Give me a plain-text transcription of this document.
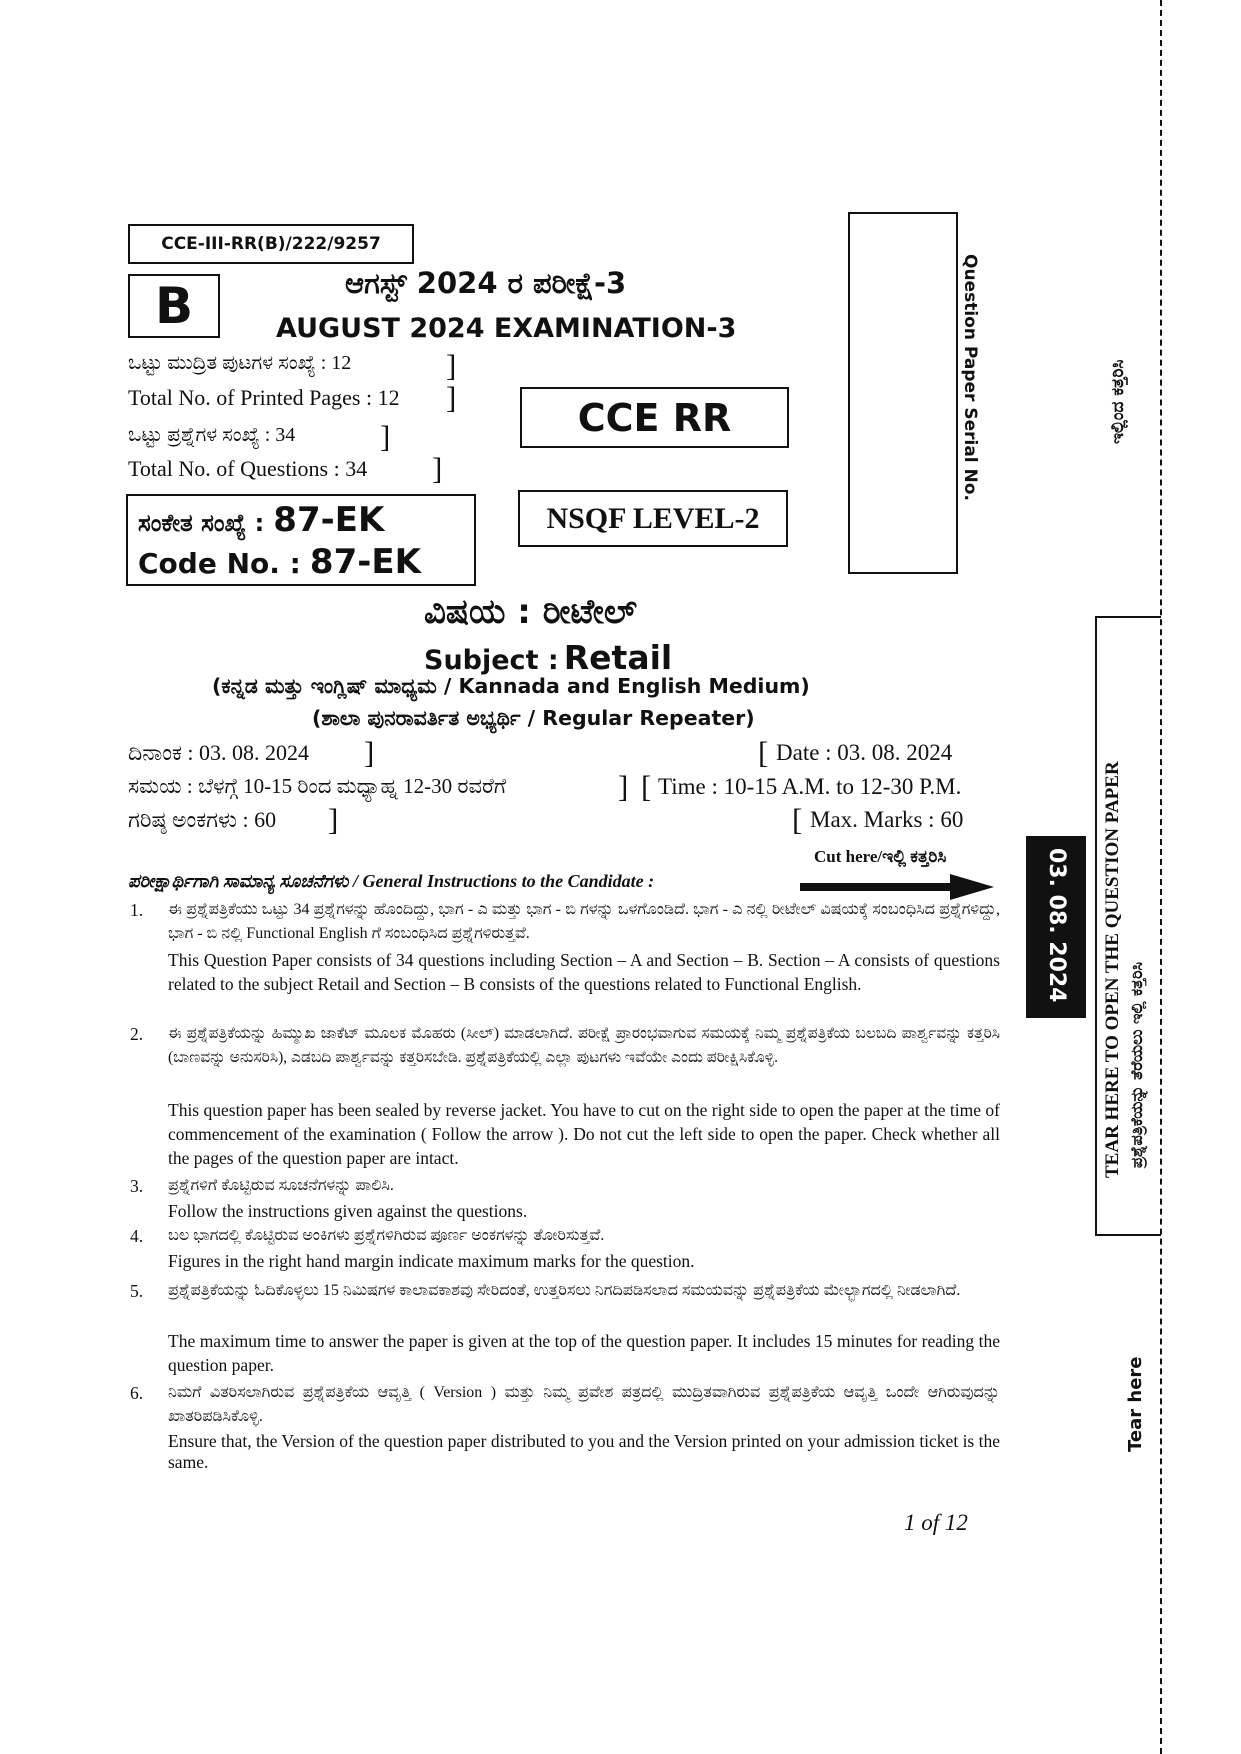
CCE-III-RR(B)/222/9257
B	ಆಗಸ್ಟ್ 2024 ರ ಪರೀಕ್ಷೆ-3
AUGUST 2024 EXAMINATION-3
ಒಟ್ಟು ಮುದ್ರಿತ ಪುಟಗಳ ಸಂಖ್ಯೆ : 12	]
Total No. of Printed Pages : 12 ]
ಒಟ್ಟು ಪ್ರಶ್ನೆಗಳ ಸಂಖ್ಯೆ : 34	]
Total No. of Questions : 34 ]
CCE RR
NSQF LEVEL-2
ಸಂಕೇತ ಸಂಖ್ಯೆ : 87-EK
Code No. : 87-EK
Question Paper Serial No.
ವಿಷಯ : ರೀಟೇಲ್
Subject : Retail
(ಕನ್ನಡ ಮತ್ತು ಇಂಗ್ಲಿಷ್ ಮಾಧ್ಯಮ / Kannada and English Medium)
(ಶಾಲಾ ಪುನರಾವರ್ತಿತ ಅಭ್ಯರ್ಥಿ / Regular Repeater)
ದಿನಾಂಕ : 03. 08. 2024 ]	[ Date : 03. 08. 2024
ಸಮಯ : ಬೆಳಗ್ಗೆ 10-15 ರಿಂದ ಮಧ್ಯಾಹ್ನ 12-30 ರವರೆಗೆ	] [ Time : 10-15 A.M. to 12-30 P.M.
ಗರಿಷ್ಠ ಅಂಕಗಳು : 60 ]	[ Max. Marks : 60
ಪರೀಕ್ಷಾರ್ಥಿಗಾಗಿ ಸಾಮಾನ್ಯ ಸೂಚನೆಗಳು / General Instructions to the Candidate :
Cut here/ಇಲ್ಲಿ ಕತ್ತರಿಸಿ
1.	ಈ ಪ್ರಶ್ನೆಪತ್ರಿಕೆಯು ಒಟ್ಟು 34 ಪ್ರಶ್ನೆಗಳನ್ನು ಹೊಂದಿದ್ದು, ಭಾಗ - ಎ ಮತ್ತು ಭಾಗ - ಬಿ ಗಳನ್ನು ಒಳಗೊಂಡಿದೆ. ಭಾಗ - ಎ ನಲ್ಲಿ ರೀಟೇಲ್ ವಿಷಯಕ್ಕೆ ಸಂಬಂಧಿಸಿದ ಪ್ರಶ್ನೆಗಳಿದ್ದು, ಭಾಗ - ಬಿ ನಲ್ಲಿ Functional English ಗೆ ಸಂಬಂಧಿಸಿದ ಪ್ರಶ್ನೆಗಳಿರುತ್ತವೆ.
This Question Paper consists of 34 questions including Section – A and Section – B. Section – A consists of questions related to the subject Retail and Section – B consists of the questions related to Functional English.
2.	ಈ ಪ್ರಶ್ನೆಪತ್ರಿಕೆಯನ್ನು ಹಿಮ್ಮುಖ ಜಾಕೆಟ್ ಮೂಲಕ ಮೊಹರು (ಸೀಲ್) ಮಾಡಲಾಗಿದೆ. ಪರೀಕ್ಷೆ ಪ್ರಾರಂಭವಾಗುವ ಸಮಯಕ್ಕೆ ನಿಮ್ಮ ಪ್ರಶ್ನೆಪತ್ರಿಕೆಯ ಬಲಬದಿ ಪಾರ್ಶ್ವವನ್ನು ಕತ್ತರಿಸಿ (ಬಾಣವನ್ನು ಅನುಸರಿಸಿ), ಎಡಬದಿ ಪಾರ್ಶ್ವವನ್ನು ಕತ್ತರಿಸಬೇಡಿ. ಪ್ರಶ್ನೆಪತ್ರಿಕೆಯಲ್ಲಿ ಎಲ್ಲಾ ಪುಟಗಳು ಇವೆಯೇ ಎಂದು ಪರೀಕ್ಷಿಸಿಕೊಳ್ಳಿ.
This question paper has been sealed by reverse jacket. You have to cut on the right side to open the paper at the time of commencement of the examination ( Follow the arrow ). Do not cut the left side to open the paper. Check whether all the pages of the question paper are intact.
3.	ಪ್ರಶ್ನೆಗಳಿಗೆ ಕೊಟ್ಟಿರುವ ಸೂಚನೆಗಳನ್ನು ಪಾಲಿಸಿ.
Follow the instructions given against the questions.
4.	ಬಲ ಭಾಗದಲ್ಲಿ ಕೊಟ್ಟಿರುವ ಅಂಕಿಗಳು ಪ್ರಶ್ನೆಗಳಿಗಿರುವ ಪೂರ್ಣ ಅಂಕಗಳನ್ನು ತೋರಿಸುತ್ತವೆ.
Figures in the right hand margin indicate maximum marks for the question.
5.	ಪ್ರಶ್ನೆಪತ್ರಿಕೆಯನ್ನು ಓದಿಕೊಳ್ಳಲು 15 ನಿಮಿಷಗಳ ಕಾಲಾವಕಾಶವು ಸೇರಿದಂತೆ, ಉತ್ತರಿಸಲು ನಿಗದಿಪಡಿಸಲಾದ ಸಮಯವನ್ನು ಪ್ರಶ್ನೆಪತ್ರಿಕೆಯ ಮೇಲ್ಭಾಗದಲ್ಲಿ ನೀಡಲಾಗಿದೆ.
The maximum time to answer the paper is given at the top of the question paper. It includes 15 minutes for reading the question paper.
6.	ನಿಮಗೆ ವಿತರಿಸಲಾಗಿರುವ ಪ್ರಶ್ನೆಪತ್ರಿಕೆಯ ಆವೃತ್ತಿ ( Version ) ಮತ್ತು ನಿಮ್ಮ ಪ್ರವೇಶ ಪತ್ರದಲ್ಲಿ ಮುದ್ರಿತವಾಗಿರುವ ಪ್ರಶ್ನೆಪತ್ರಿಕೆಯ ಆವೃತ್ತಿ ಒಂದೇ ಆಗಿರುವುದನ್ನು ಖಾತರಿಪಡಿಸಿಕೊಳ್ಳಿ.
Ensure that, the Version of the question paper distributed to you and the Version printed on your admission ticket is the same.
1 of 12
ಇಲ್ಲಿಂದ ಕತ್ತರಿಸಿ
TEAR HERE TO OPEN THE QUESTION PAPER ಪ್ರಶ್ನೆಪತ್ರಿಕೆಯನ್ನು ತೆರೆಯಲು ಇಲ್ಲಿ ಕತ್ತರಿಸಿ
03. 08. 2024
Tear here
